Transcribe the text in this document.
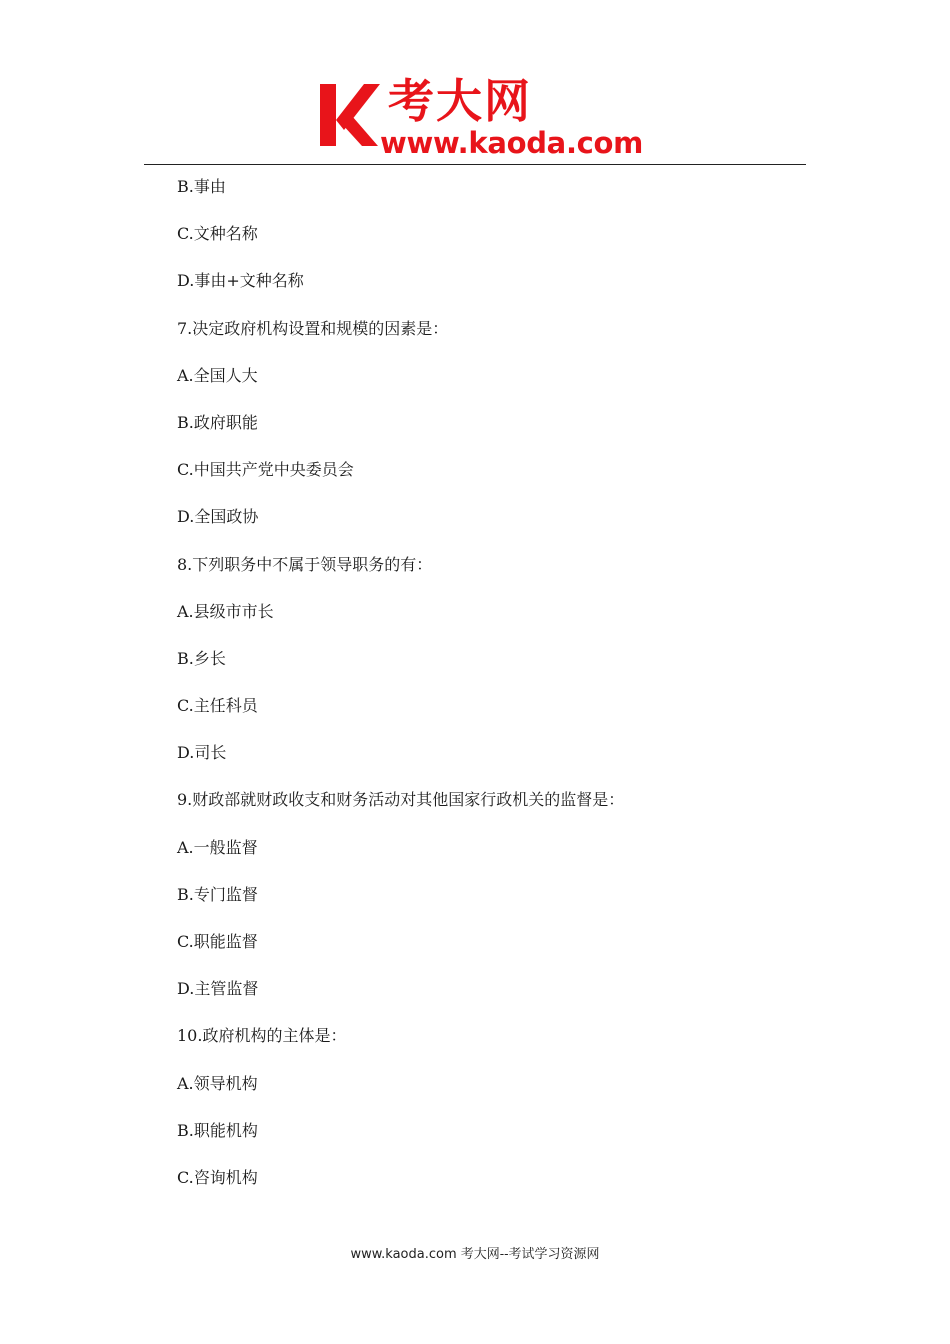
考大网
www.kaoda.com
B.事由
C.文种名称
D.事由+文种名称
7.决定政府机构设置和规模的因素是：
A.全国人大
B.政府职能
C.中国共产党中央委员会
D.全国政协
8.下列职务中不属于领导职务的有：
A.县级市市长
B.乡长
C.主任科员
D.司长
9.财政部就财政收支和财务活动对其他国家行政机关的监督是：
A.一般监督
B.专门监督
C.职能监督
D.主管监督
10.政府机构的主体是：
A.领导机构
B.职能机构
C.咨询机构
www.kaoda.com 考大网--考试学习资源网
